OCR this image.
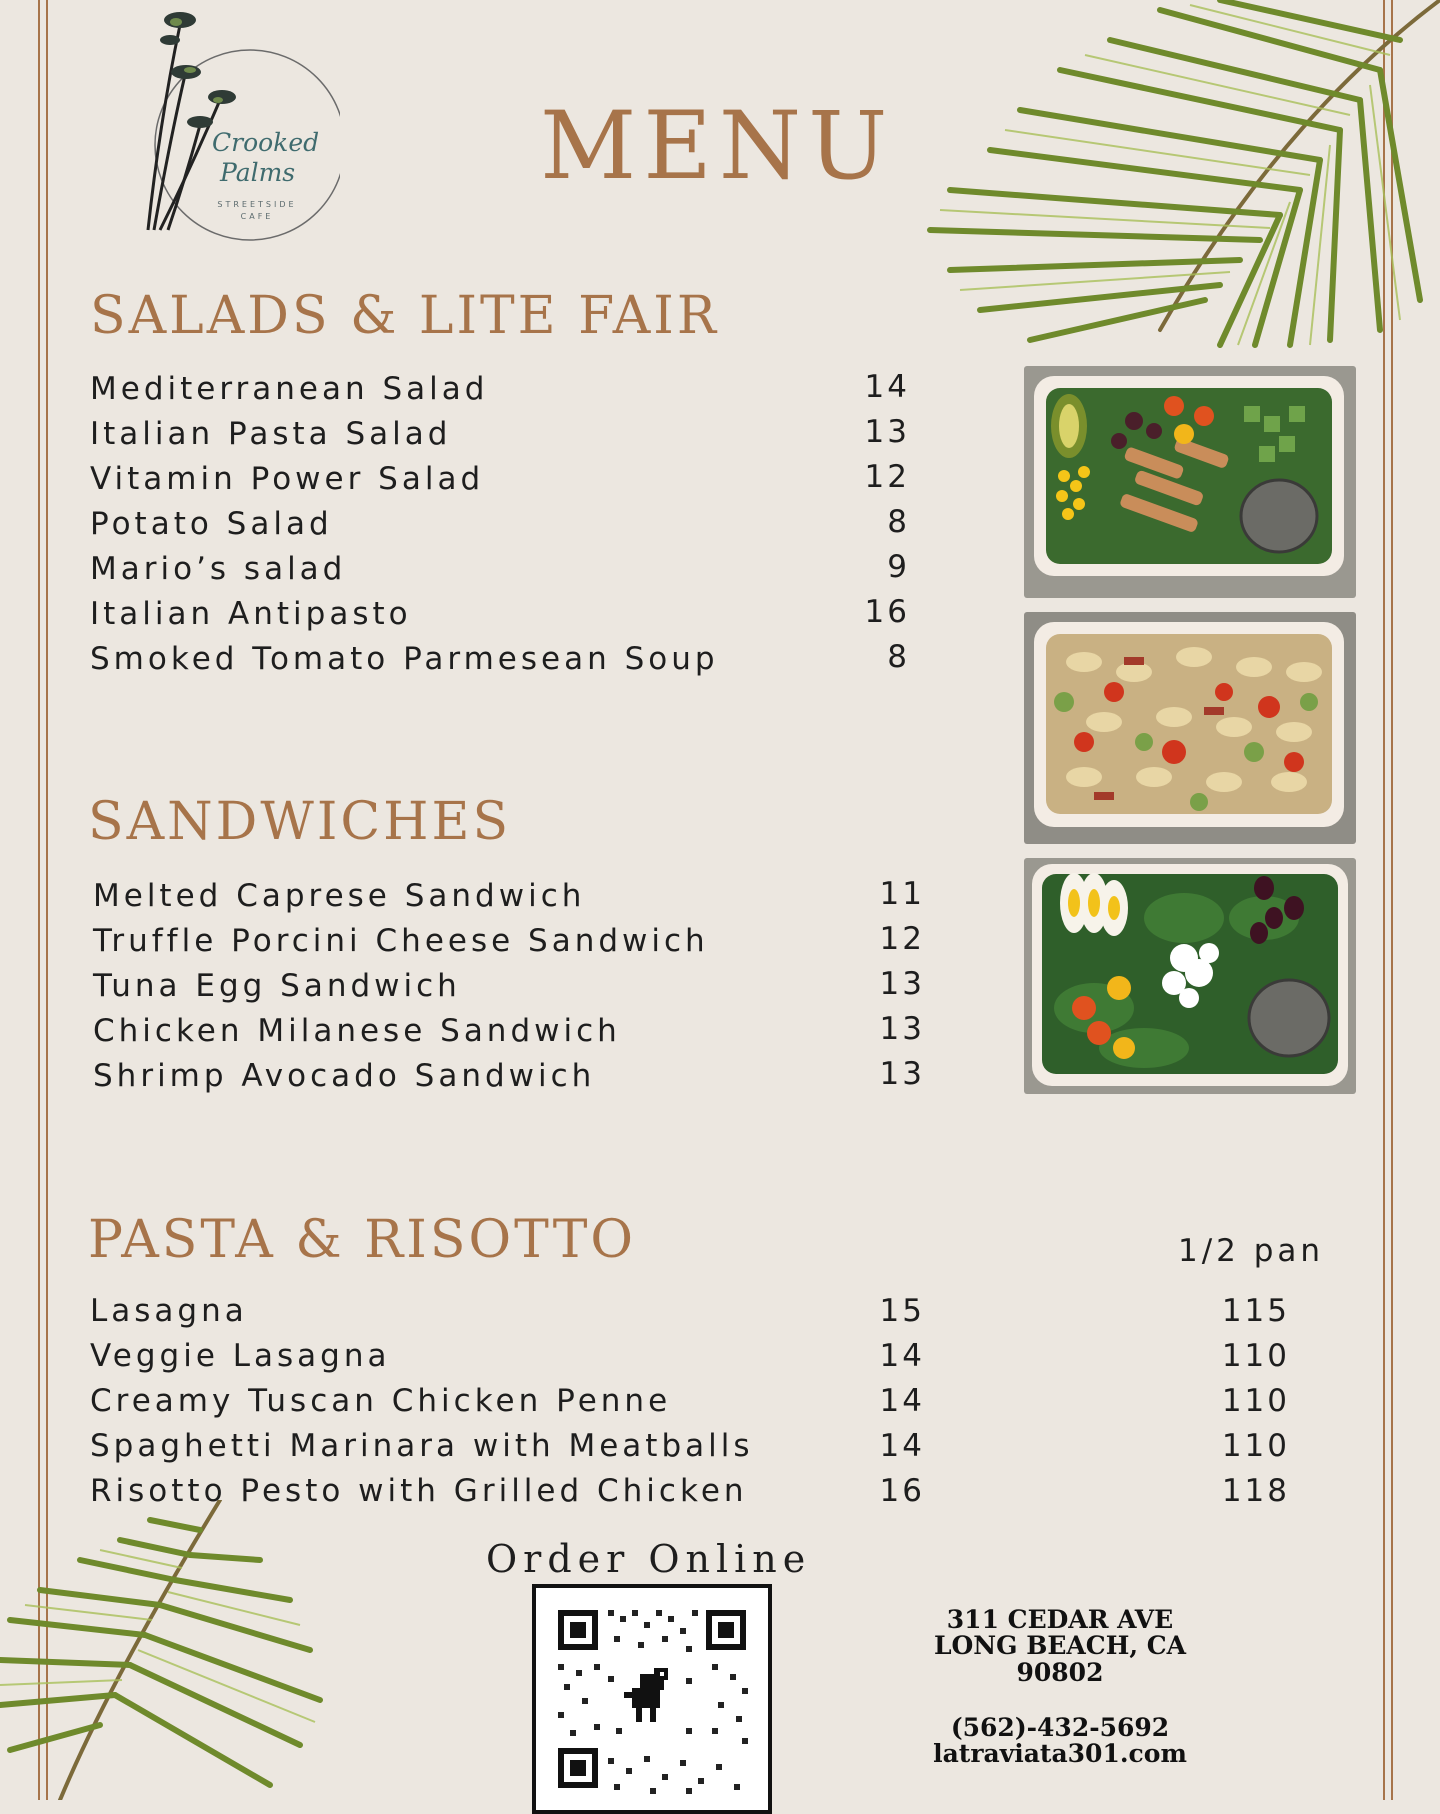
Crooked
Palms
STREETSIDE
CAFE
MENU
SALADS & LITE FAIR
Mediterranean Salad	14
Italian Pasta Salad	13
Vitamin Power Salad	12
Potato Salad	8
Mario’s salad	9
Italian Antipasto	16
Smoked Tomato Parmesean Soup	8
SANDWICHES
Melted Caprese Sandwich	11
Truffle Porcini Cheese Sandwich	12
Tuna Egg Sandwich	13
Chicken Milanese Sandwich	13
Shrimp Avocado Sandwich	13
PASTA & RISOTTO	1/2 pan
Lasagna	15	115
Veggie Lasagna	14	110
Creamy Tuscan Chicken Penne	14	110
Spaghetti Marinara with Meatballs	14	110
Risotto Pesto with Grilled Chicken	16	118
Order Online
311 CEDAR AVE
LONG BEACH, CA
90802
(562)-432-5692
latraviata301.com
